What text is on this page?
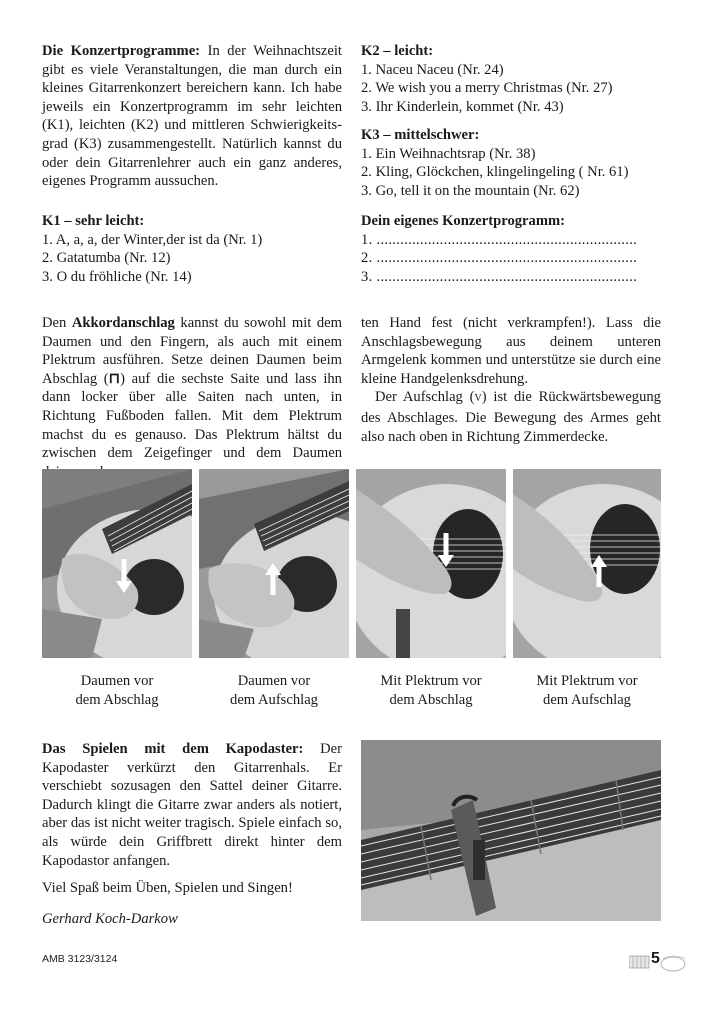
Die Konzertprogramme: In der Weihnachtszeit gibt es viele Veranstaltungen, die man durch ein kleines Gitarrenkonzert bereichern kann. Ich habe jeweils ein Konzertprogramm im sehr leichten (K1), leichten (K2) und mittleren Schwierigkeits-grad (K3) zusammengestellt. Natürlich kannst du oder dein Gitarrenlehrer auch ein ganz anderes, eigenes Programm aussuchen.

K1 – sehr leicht:

1. A, a, a, der Winter,der ist da (Nr. 1)

2. Gatatumba (Nr. 12)

3. O du fröhliche (Nr. 14)

K2 – leicht:

1. Naceu Naceu (Nr. 24)

2. We wish you a merry Christmas (Nr. 27)

3. Ihr Kinderlein, kommet (Nr. 43)

K3 – mittelschwer:

1. Ein Weihnachtsrap (Nr. 38)

2. Kling, Glöckchen, klingelingeling ( Nr. 61)

3. Go, tell it on the mountain (Nr. 62)

Dein eigenes Konzertprogramm:

1. ..................................................................

2. ..................................................................

3. ..................................................................

Den Akkordanschlag kannst du sowohl mit dem Daumen und den Fingern, als auch mit einem Plektrum ausführen. Setze deinen Daumen beim Abschlag (⊓) auf die sechste Saite und lass ihn dann locker über alle Saiten nach unten, in Richtung Fußboden fallen. Mit dem Plektrum machst du es genauso. Das Plektrum hältst du zwischen dem Zeigefinger und dem Daumen

ten Hand fest (nicht verkrampfen!). Lass die Anschlagsbewegung aus deinem unteren Armgelenk kommen und unterstütze sie durch eine kleine Handgelenksdrehung.

Der Aufschlag (V) ist die Rückwärtsbewegung des Abschlages. Die Bewegung des Armes geht also nach oben in Richtung Zimmerdecke.

Daumen vor
dem Abschlag
Daumen vor
dem Aufschlag
Mit Plektrum vor
dem Abschlag
Mit Plektrum vor
dem Aufschlag

Das Spielen mit dem Kapodaster: Der Kapodaster verkürzt den Gitarrenhals. Er verschiebt sozusagen den Sattel deiner Gitarre. Dadurch klingt die Gitarre zwar anders als notiert, aber das ist nicht weiter tragisch. Spiele einfach so, als würde dein Griffbrett direkt hinter dem Kapodastor anfangen.

Viel Spaß beim Üben, Spielen und Singen!
Gerhard Koch-Darkow
AMB 3123/3124	5
